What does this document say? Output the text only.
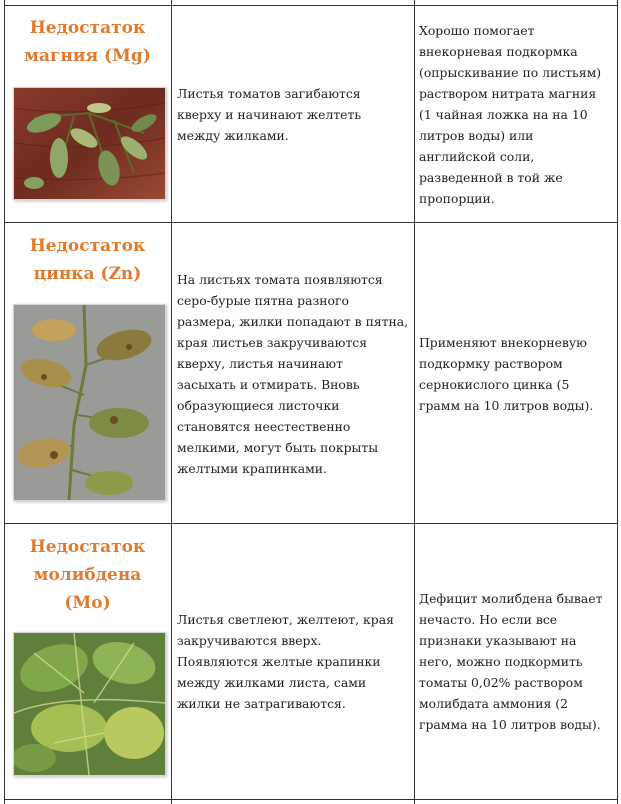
Недостаток
магния (Mg)
Листья томатов загибаются
кверху и начинают желтеть
между жилками.
Хорошо помогает
внекорневая подкормка
(опрыскивание по листьям)
раствором нитрата магния
(1 чайная ложка на на 10
литров воды) или
английской соли,
разведенной в той же
пропорции.
Недостаток
цинка (Zn)	На листьях томата появляются
серо-бурые пятна разного
размера, жилки попадают в пятна,
края листьев закручиваются
кверху, листья начинают
засыхать и отмирать. Вновь
образующиеся листочки
становятся неестественно
мелкими, могут быть покрыты
желтыми крапинками.
Применяют внекорневую
подкормку раствором
сернокислого цинка (5
грамм на 10 литров воды).
Недостаток
молибдена
(Mo)
Листья светлеют, желтеют, края
закручиваются вверх.
Появляются желтые крапинки
между жилками листа, сами
жилки не затрагиваются.
Дефицит молибдена бывает
нечасто. Но если все
признаки указывают на
него, можно подкормить
томаты 0,02% раствором
молибдата аммония (2
грамма на 10 литров воды).
